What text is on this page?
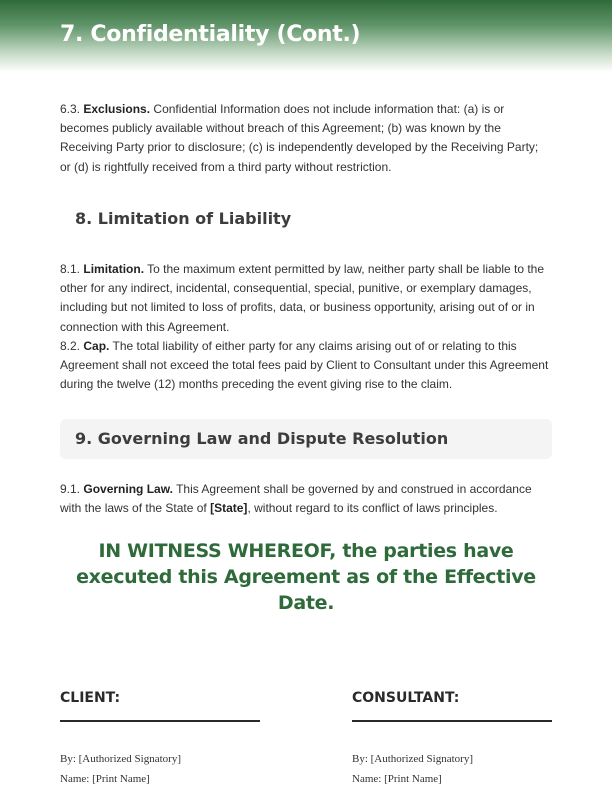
7. Confidentiality (Cont.)

6.3. Exclusions. Confidential Information does not include information that: (a) is or becomes publicly available without breach of this Agreement; (b) was known by the Receiving Party prior to disclosure; (c) is independently developed by the Receiving Party; or (d) is rightfully received from a third party without restriction.

8. Limitation of Liability

8.1. Limitation. To the maximum extent permitted by law, neither party shall be liable to the other for any indirect, incidental, consequential, special, punitive, or exemplary damages, including but not limited to loss of profits, data, or business opportunity, arising out of or in connection with this Agreement.

8.2. Cap. The total liability of either party for any claims arising out of or relating to this Agreement shall not exceed the total fees paid by Client to Consultant under this Agreement during the twelve (12) months preceding the event giving rise to the claim.

9. Governing Law and Dispute Resolution

9.1. Governing Law. This Agreement shall be governed by and construed in accordance with the laws of the State of [State], without regard to its conflict of laws principles.

IN WITNESS WHEREOF, the parties have
executed this Agreement as of the Effective Date.

CLIENT:

By: [Authorized Signatory]

Name: [Print Name]

CONSULTANT:

By: [Authorized Signatory]

Name: [Print Name]
